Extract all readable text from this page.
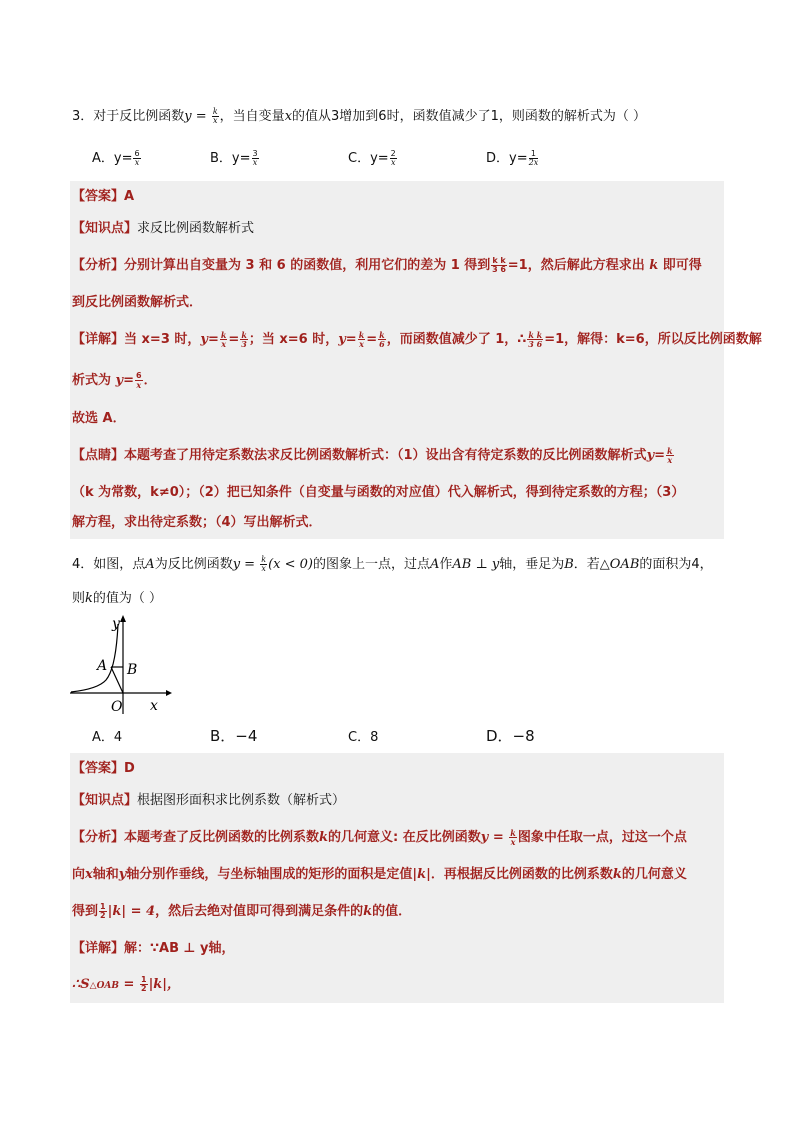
3．对于反比例函数$y = \frac{k}{x}$ ，当自变量x的值从3增加到6时，函数值减少了1，则函数的解析式为（ ）
A．$y= \frac{6}{x}$	B．$y= \frac{3}{x}$	C．$y= \frac{2}{x}$	D．$y= \frac{1}{2x}$
【答案】A
【知识点】求反比例函数解析式
【分析】分别计算出自变量为 3 和 6 的函数值，利用它们的差为 1 得到 $\frac{\text{k k}}{3 6} =1$，然后解此方程求出 k 即可得
到反比例函数解析式．
【详解】当 x=3 时，$y= \frac{k}{x} = \frac{k}{3}$ ；当 x=6 时，$y= \frac{k}{x} = \frac{k}{6}$ ，而函数值减少了 1，∴ $\frac{\text{k k}}{3 6} =1$，解得：k=6，所以反比例函数解
析式为 $y= \frac{6}{x}$ ．
故选 A．
【点睛】本题考查了用待定系数法求反比例函数解析式：（1）设出含有待定系数的反比例函数解析式$y= \frac{k}{x}$
（k 为常数，k≠0）；（2）把已知条件（自变量与函数的对应值）代入解析式，得到待定系数的方程；（3）
解方程，求出待定系数；（4）写出解析式．
4．如图，点A为反比例函数$y = \frac{k}{x} (x < 0)$的图象上一点，过点A作AB ⊥ y轴，垂足为B．若△OAB的面积为4，
则k的值为（ ）
y
x
O
A B
A．4	B．−4	C．8	D．−8
【答案】D
【知识点】根据图形面积求比例系数（解析式）
【分析】本题考查了反比例函数的比例系数k的几何意义: 在反比例函数$y = \frac{k}{x}$ 图象中任取一点，过这一个点
向x轴和y轴分别作垂线，与坐标轴围成的矩形的面积是定值|k|．再根据反比例函数的比例系数k的几何意义
得到 $\frac{1}{2} |k| = 4$，然后去绝对值即可得到满足条件的k的值．
【详解】解：∵AB ⊥ y轴，
∴S△OAB = $\frac{1}{2} |k|$，
